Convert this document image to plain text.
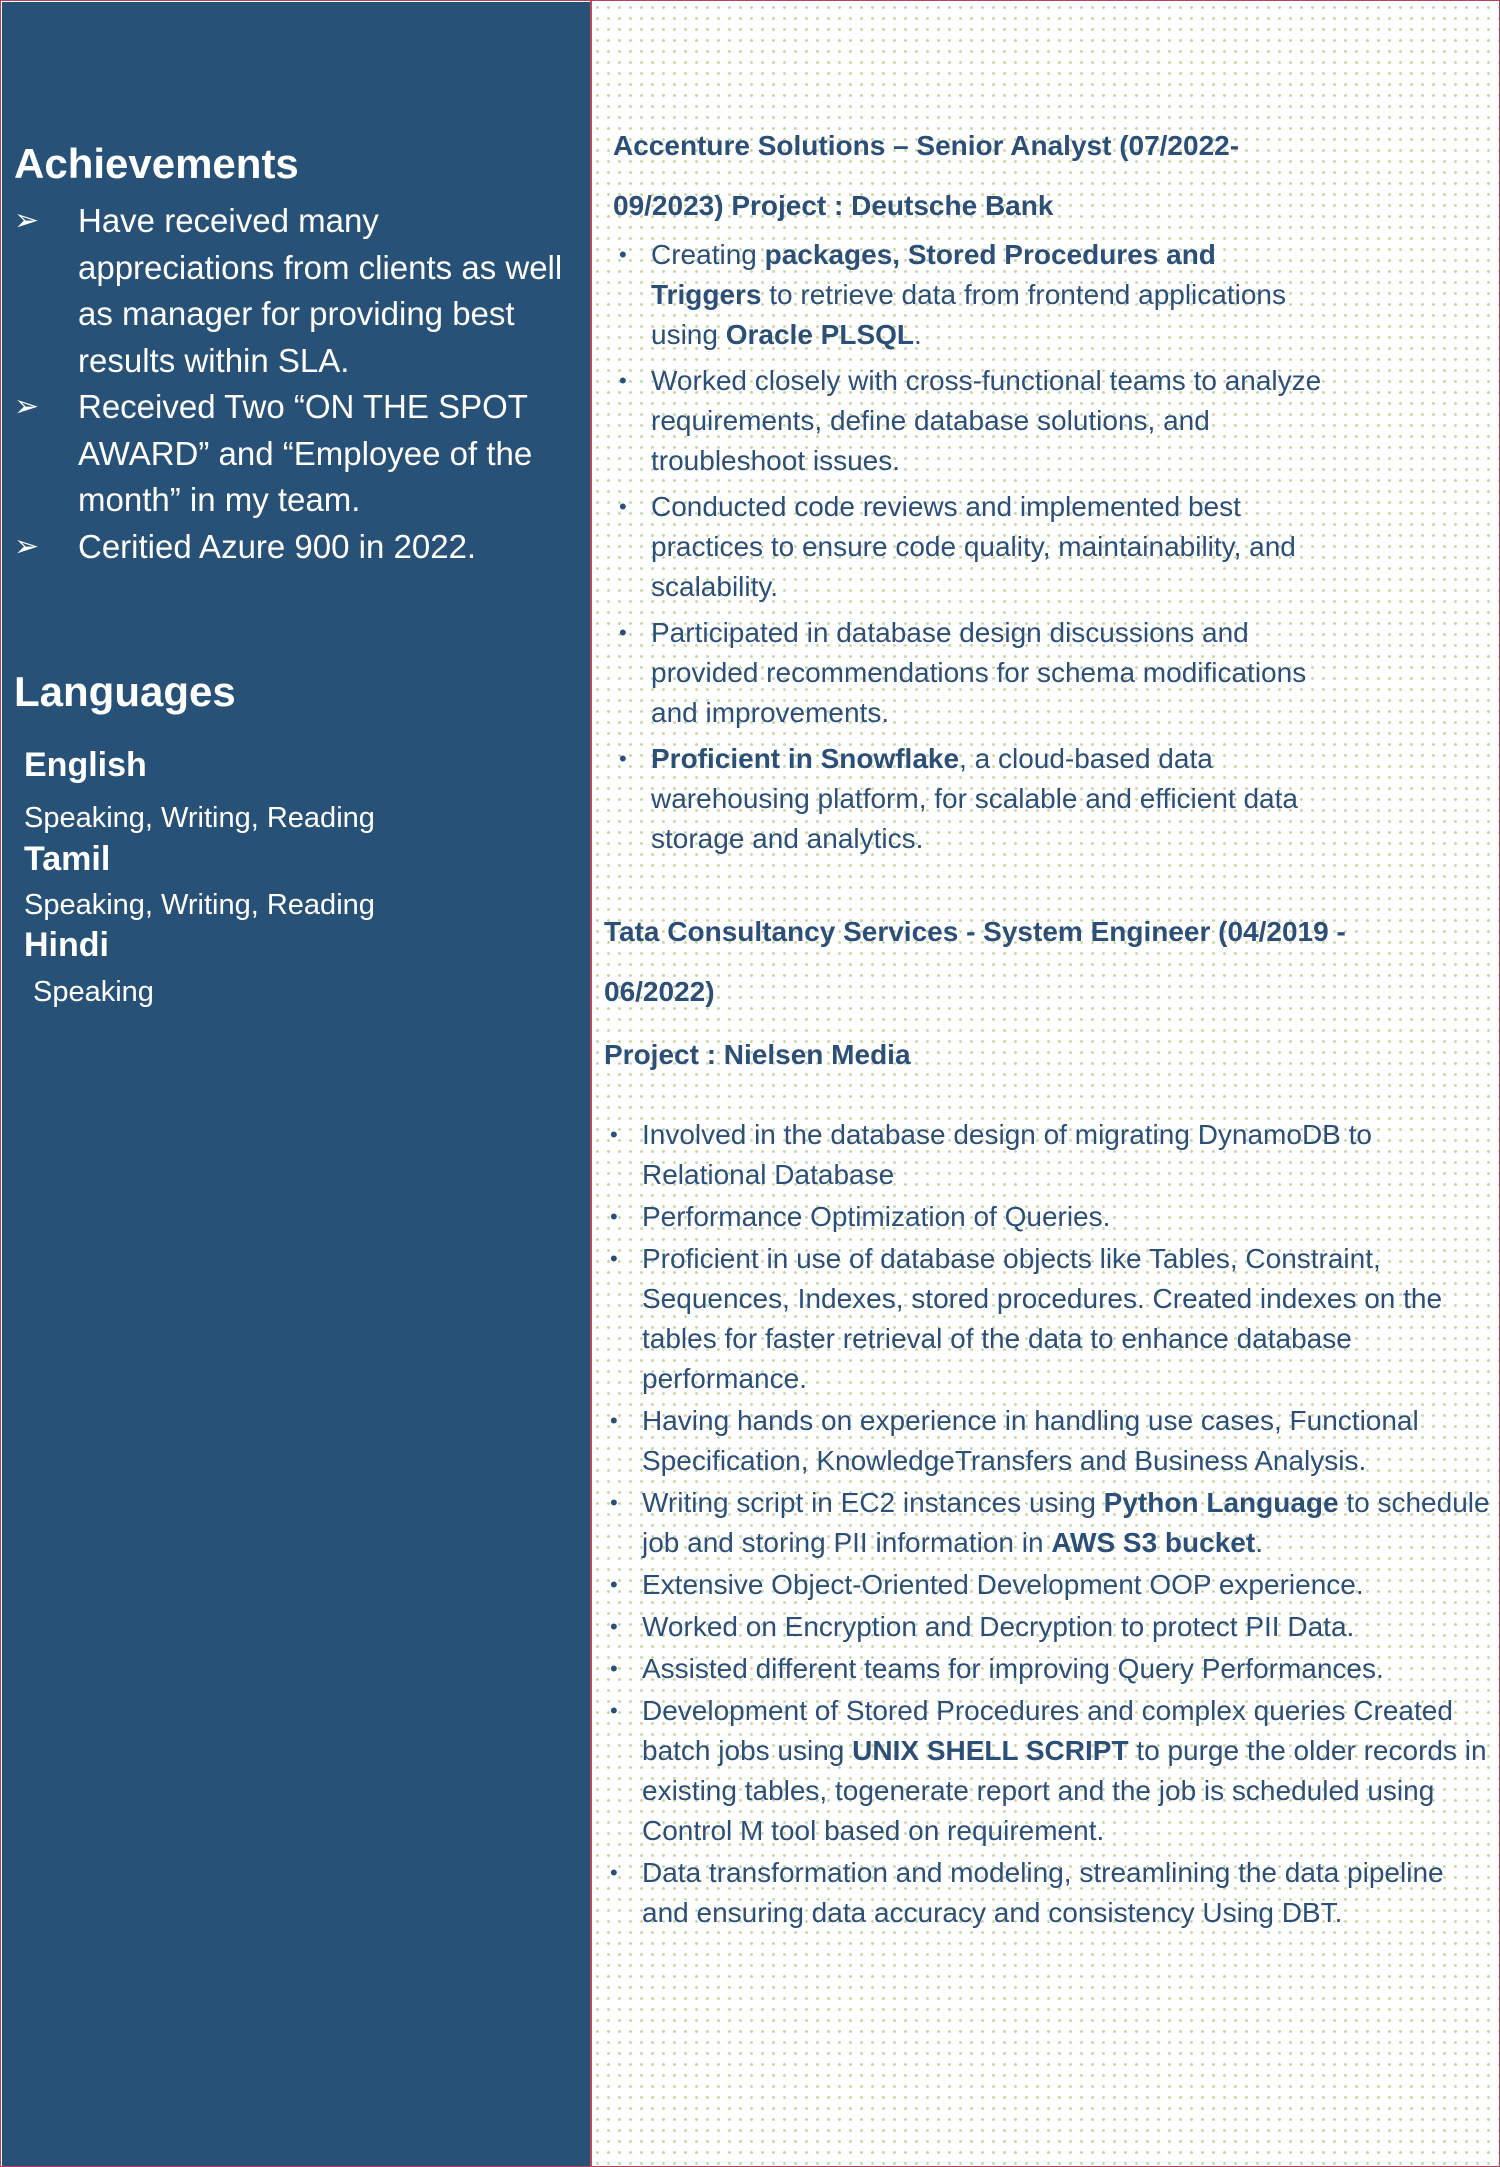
Achievements
➢ Have received many appreciations from clients as well as manager for providing best results within SLA.
➢ Received Two “ON THE SPOT AWARD” and “Employee of the month” in my team.
➢ Ceritied Azure 900 in 2022.
Languages
English
Speaking, Writing, Reading
Tamil
Speaking, Writing, Reading
Hindi
Speaking
Accenture Solutions – Senior Analyst (07/2022-09/2023) Project : Deutsche Bank
• Creating packages, Stored Procedures and Triggers to retrieve data from frontend applications using Oracle PLSQL.
• Worked closely with cross-functional teams to analyze requirements, define database solutions, and troubleshoot issues.
• Conducted code reviews and implemented best practices to ensure code quality, maintainability, and scalability.
• Participated in database design discussions and provided recommendations for schema modifications and improvements.
• Proficient in Snowflake, a cloud-based data warehousing platform, for scalable and efficient data storage and analytics.
Tata Consultancy Services - System Engineer (04/2019 - 06/2022)
Project : Nielsen Media
• Involved in the database design of migrating DynamoDB to Relational Database
• Performance Optimization of Queries.
• Proficient in use of database objects like Tables, Constraint, Sequences, Indexes, stored procedures. Created indexes on the tables for faster retrieval of the data to enhance database performance.
• Having hands on experience in handling use cases, Functional Specification, KnowledgeTransfers and Business Analysis.
• Writing script in EC2 instances using Python Language to schedule job and storing PII information in AWS S3 bucket.
• Extensive Object-Oriented Development OOP experience.
• Worked on Encryption and Decryption to protect PII Data.
• Assisted different teams for improving Query Performances.
• Development of Stored Procedures and complex queries Created batch jobs using UNIX SHELL SCRIPT to purge the older records in existing tables, togenerate report and the job is scheduled using Control M tool based on requirement.
• Data transformation and modeling, streamlining the data pipeline and ensuring data accuracy and consistency Using DBT.
